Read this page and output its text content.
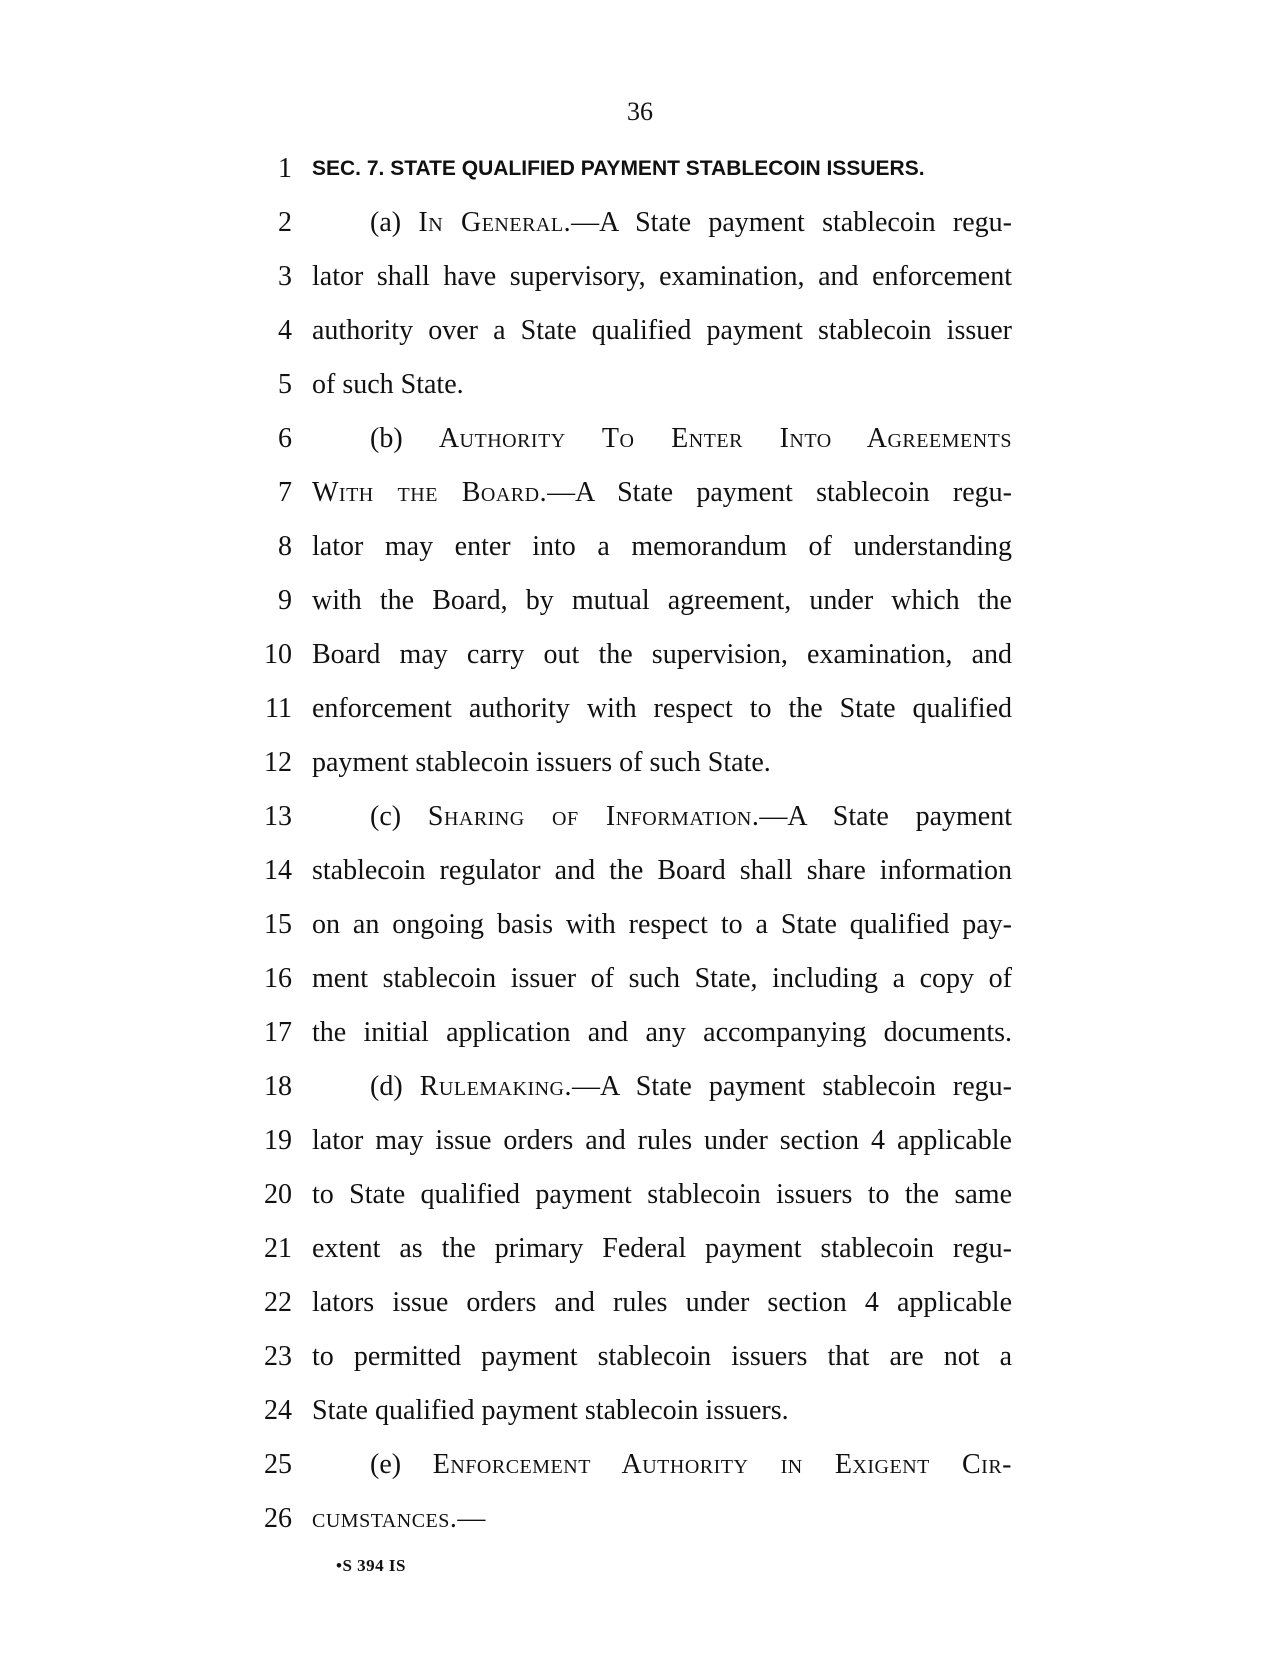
36
1 SEC. 7. STATE QUALIFIED PAYMENT STABLECOIN ISSUERS.
2	(a) In General.—A State payment stablecoin regu-
3 lator shall have supervisory, examination, and enforcement
4 authority over a State qualified payment stablecoin issuer
5 of such State.
6	(b) Authority To Enter Into Agreements
7 With the Board.—A State payment stablecoin regu-
8 lator may enter into a memorandum of understanding
9 with the Board, by mutual agreement, under which the
10 Board may carry out the supervision, examination, and
11 enforcement authority with respect to the State qualified
12 payment stablecoin issuers of such State.
13	(c) Sharing of Information.—A State payment
14 stablecoin regulator and the Board shall share information
15 on an ongoing basis with respect to a State qualified pay-
16 ment stablecoin issuer of such State, including a copy of
17 the initial application and any accompanying documents.
18	(d) Rulemaking.—A State payment stablecoin regu-
19 lator may issue orders and rules under section 4 applicable
20 to State qualified payment stablecoin issuers to the same
21 extent as the primary Federal payment stablecoin regu-
22 lators issue orders and rules under section 4 applicable
23 to permitted payment stablecoin issuers that are not a
24 State qualified payment stablecoin issuers.
25	(e) Enforcement Authority in Exigent Cir-
26 cumstances.—
•S 394 IS
